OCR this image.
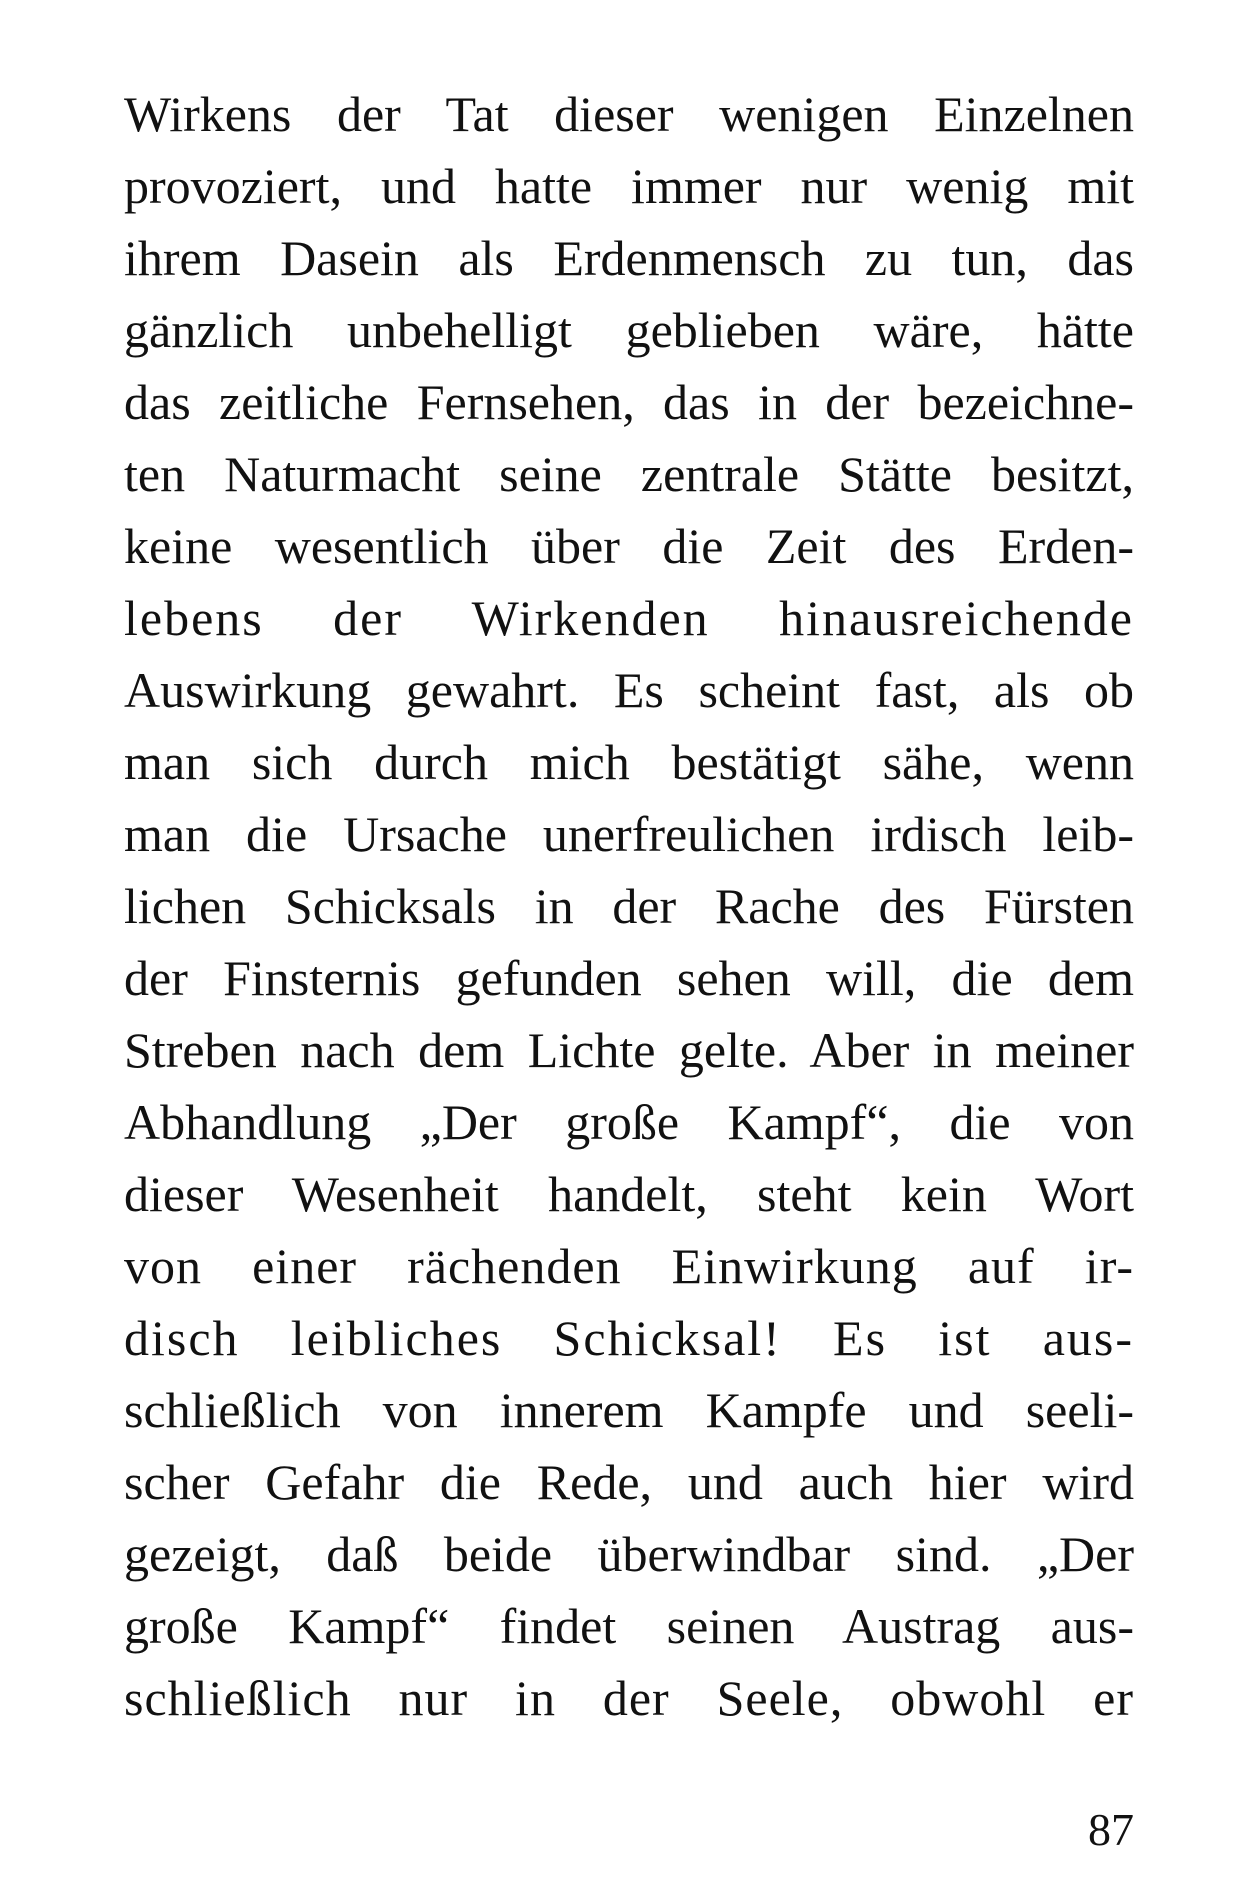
Wirkens der Tat dieser wenigen Einzelnen
provoziert, und hatte immer nur wenig mit
ihrem Dasein als Erdenmensch zu tun, das
gänzlich unbehelligt geblieben wäre, hätte
das zeitliche Fernsehen, das in der bezeichne-
ten Naturmacht seine zentrale Stätte besitzt,
keine wesentlich über die Zeit des Erden-
lebens der Wirkenden hinausreichende
Auswirkung gewahrt. Es scheint fast, als ob
man sich durch mich bestätigt sähe, wenn
man die Ursache unerfreulichen irdisch leib-
lichen Schicksals in der Rache des Fürsten
der Finsternis gefunden sehen will, die dem
Streben nach dem Lichte gelte. Aber in meiner
Abhandlung „Der große Kampf“, die von
dieser Wesenheit handelt, steht kein Wort
von einer rächenden Einwirkung auf ir-
disch leibliches Schicksal! Es ist aus-
schließlich von innerem Kampfe und seeli-
scher Gefahr die Rede, und auch hier wird
gezeigt, daß beide überwindbar sind. „Der
große Kampf“ findet seinen Austrag aus-
schließlich nur in der Seele, obwohl er
87
